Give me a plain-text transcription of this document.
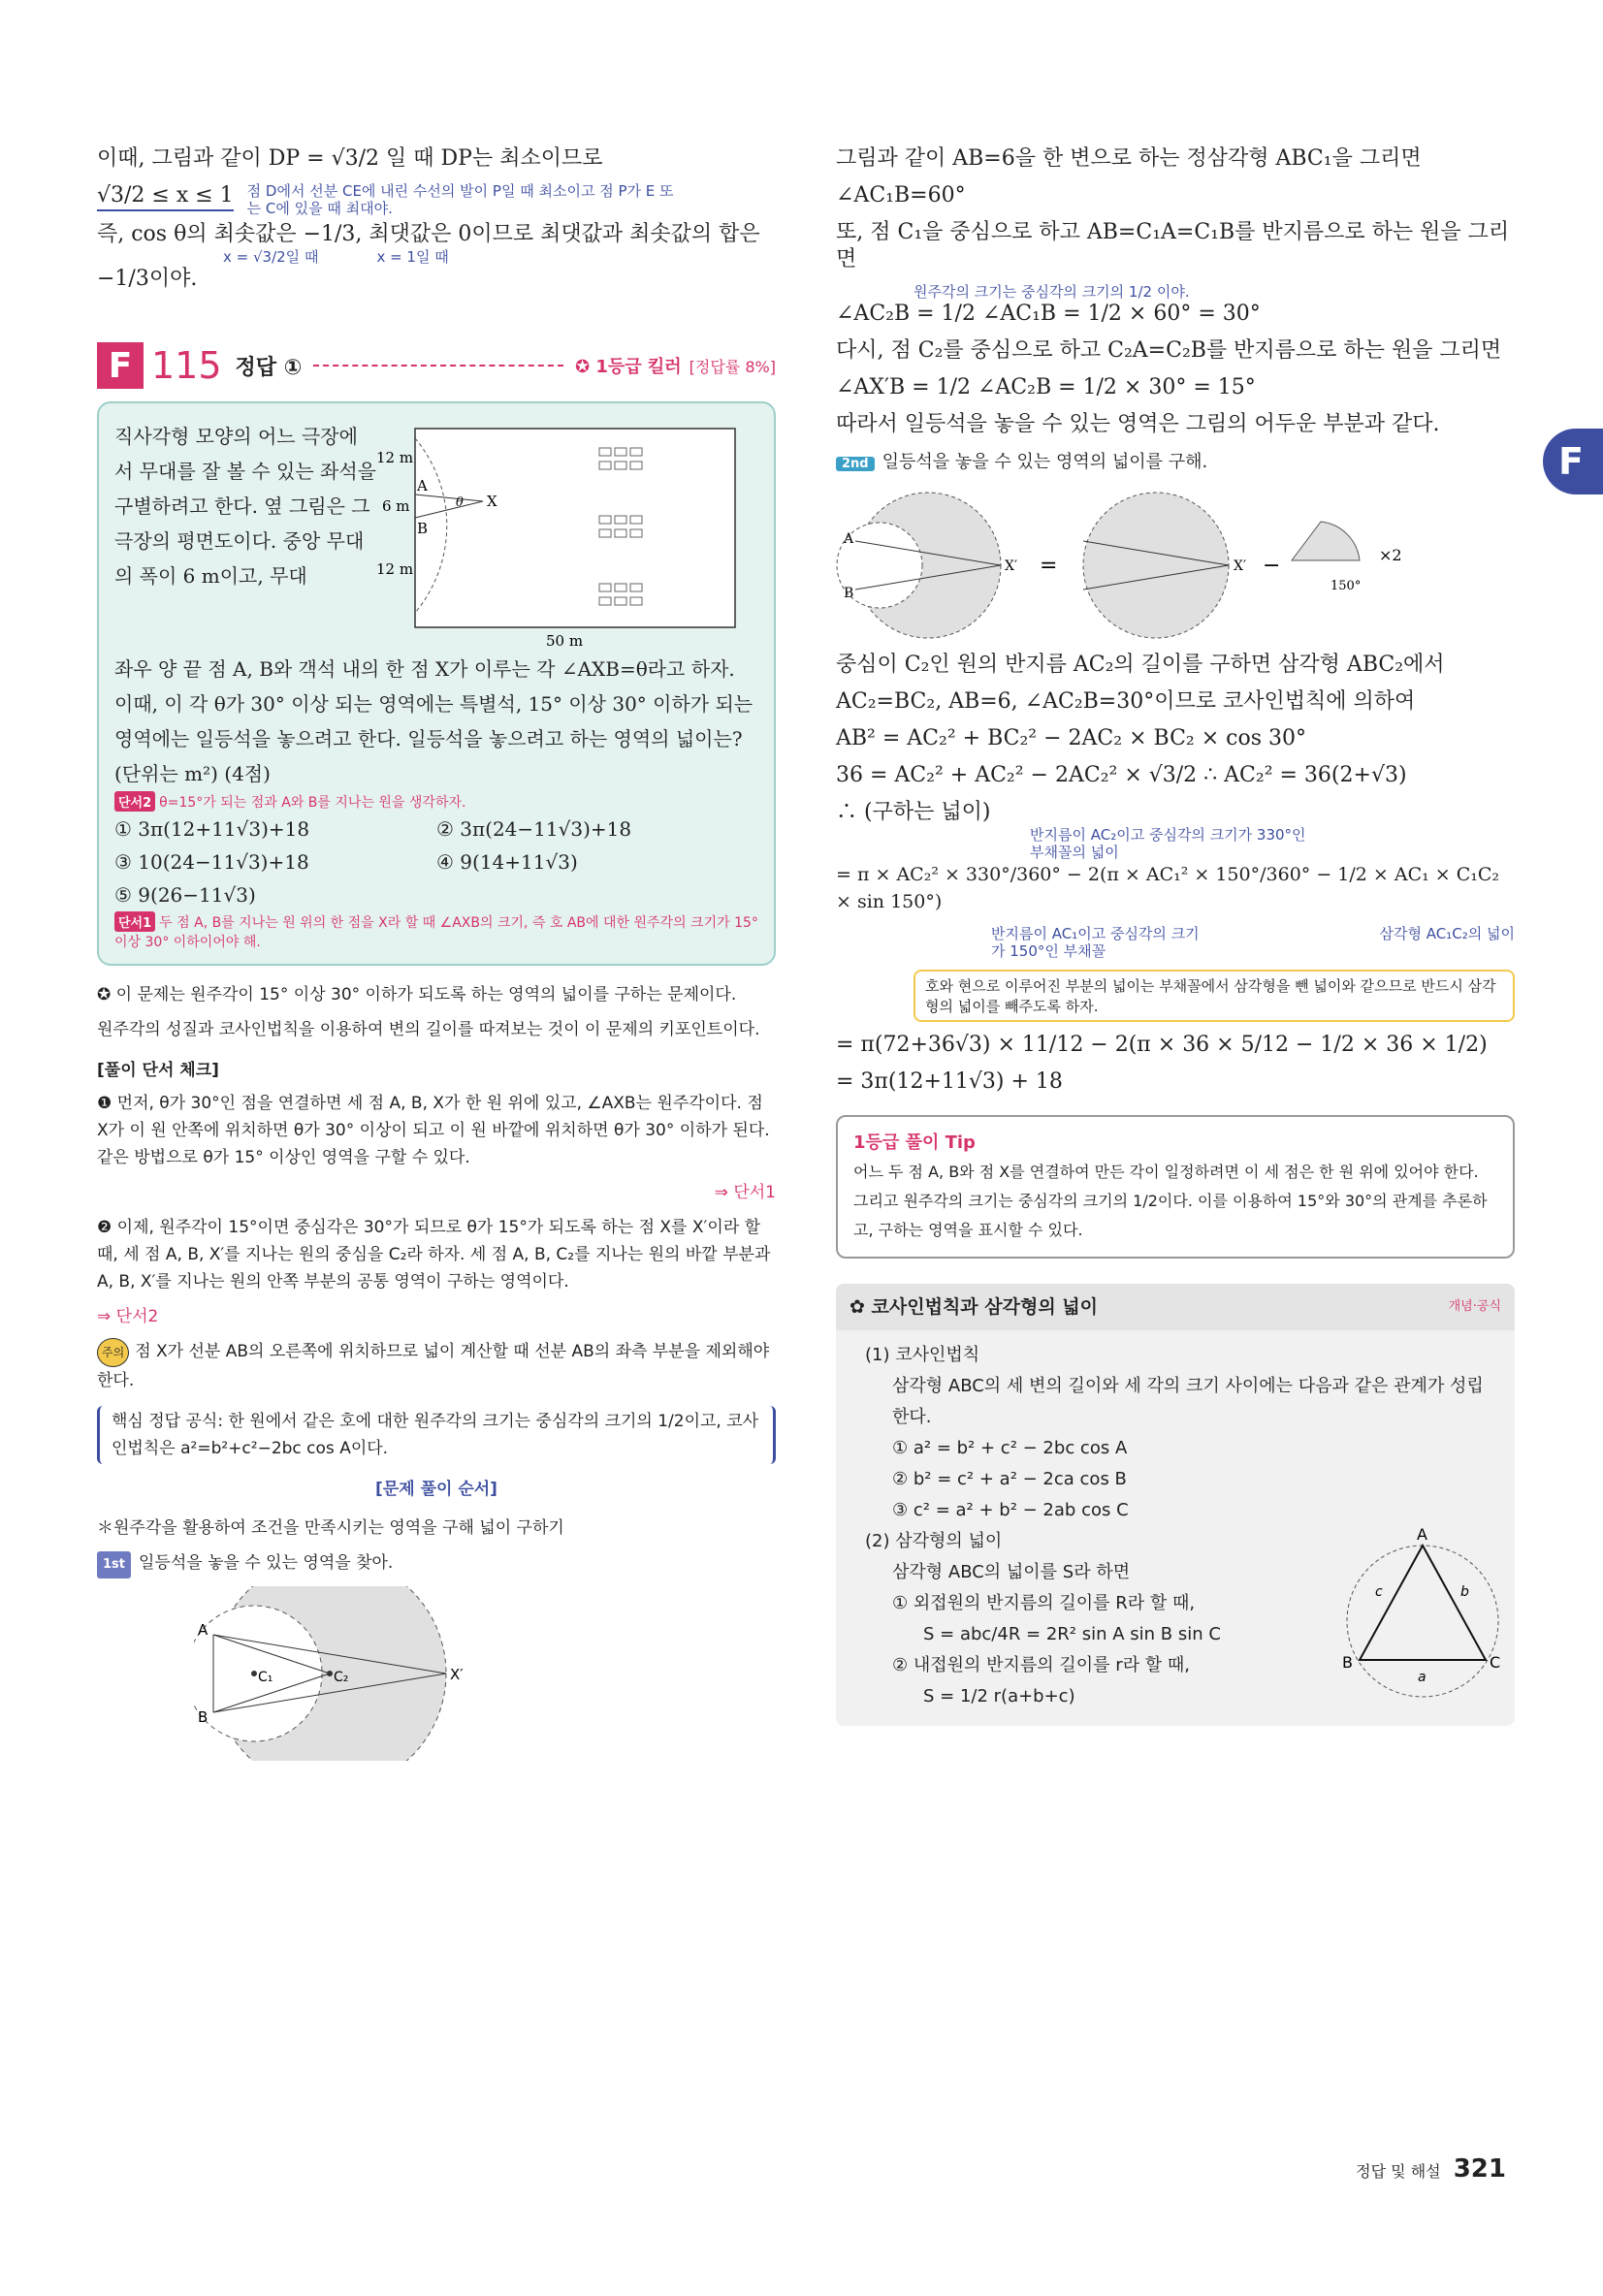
이때, 그림과 같이 DP = √3/2 일 때 DP는 최소이므로

√3/2 ≤ x ≤ 1 점 D에서 선분 CE에 내린 수선의 발이 P일 때 최소이고 점 P가 E 또는 C에 있을 때 최대야.

즉, cos θ의 최솟값은 −1/3, 최댓값은 0이므로 최댓값과 최솟값의 합은

x = √3/2일 때	x = 1일 때

−1/3이야.

F 115 정답 ①	✪ 1등급 킬러 [정답률 8%]
직사각형 모양의 어느 극장에서 무대를 잘 볼 수 있는 좌석을 구별하려고 한다. 옆 그림은 그 극장의 평면도이다. 중앙 무대의 폭이 6 m이고, 무대
12 m
6 m
12 m
50 m
A
B
X
θ
좌우 양 끝 점 A, B와 객석 내의 한 점 X가 이루는 각 ∠AXB=θ라고 하자. 이때, 이 각 θ가 30° 이상 되는 영역에는 특별석, 15° 이상 30° 이하가 되는 영역에는 일등석을 놓으려고 한다. 일등석을 놓으려고 하는 영역의 넓이는? (단위는 m²) (4점)
단서2 θ=15°가 되는 점과 A와 B를 지나는 원을 생각하자.
① 3π(12+11√3)+18	② 3π(24−11√3)+18
③ 10(24−11√3)+18	④ 9(14+11√3)
⑤ 9(26−11√3)
단서1 두 점 A, B를 지나는 원 위의 한 점을 X라 할 때 ∠AXB의 크기, 즉 호 AB에 대한 원주각의 크기가 15° 이상 30° 이하이어야 해.

✪ 이 문제는 원주각이 15° 이상 30° 이하가 되도록 하는 영역의 넓이를 구하는 문제이다.

원주각의 성질과 코사인법칙을 이용하여 변의 길이를 따져보는 것이 이 문제의 키포인트이다.

[풀이 단서 체크]

❶ 먼저, θ가 30°인 점을 연결하면 세 점 A, B, X가 한 원 위에 있고, ∠AXB는 원주각이다. 점 X가 이 원 안쪽에 위치하면 θ가 30° 이상이 되고 이 원 바깥에 위치하면 θ가 30° 이하가 된다. 같은 방법으로 θ가 15° 이상인 영역을 구할 수 있다.

⇒ 단서1

❷ 이제, 원주각이 15°이면 중심각은 30°가 되므로 θ가 15°가 되도록 하는 점 X를 X′이라 할 때, 세 점 A, B, X′를 지나는 원의 중심을 C₂라 하자. 세 점 A, B, C₂를 지나는 원의 바깥 부분과 A, B, X′를 지나는 원의 안쪽 부분의 공통 영역이 구하는 영역이다.

⇒ 단서2

주의 점 X가 선분 AB의 오른쪽에 위치하므로 넓이 계산할 때 선분 AB의 좌측 부분을 제외해야 한다.

핵심 정답 공식: 한 원에서 같은 호에 대한 원주각의 크기는 중심각의 크기의 1/2이고, 코사인법칙은 a²=b²+c²−2bc cos A이다.
[문제 풀이 순서]

＊원주각을 활용하여 조건을 만족시키는 영역을 구해 넓이 구하기

1st 일등석을 놓을 수 있는 영역을 찾아.

A
B
C₁	C₂	X′

그림과 같이 AB=6을 한 변으로 하는 정삼각형 ABC₁을 그리면

∠AC₁B=60°

또, 점 C₁을 중심으로 하고 AB=C₁A=C₁B를 반지름으로 하는 원을 그리면

원주각의 크기는 중심각의 크기의 1/2 이야.

∠AC₂B = 1/2 ∠AC₁B = 1/2 × 60° = 30°

다시, 점 C₂를 중심으로 하고 C₂A=C₂B를 반지름으로 하는 원을 그리면

∠AX′B = 1/2 ∠AC₂B = 1/2 × 30° = 15°

따라서 일등석을 놓을 수 있는 영역은 그림의 어두운 부분과 같다.

2nd 일등석을 놓을 수 있는 영역의 넓이를 구해.
A
B
X′ =	X′ −
150°
×2

중심이 C₂인 원의 반지름 AC₂의 길이를 구하면 삼각형 ABC₂에서

AC₂=BC₂, AB=6, ∠AC₂B=30°이므로 코사인법칙에 의하여

AB² = AC₂² + BC₂² − 2AC₂ × BC₂ × cos 30°

36 = AC₂² + AC₂² − 2AC₂² × √3/2 ∴ AC₂² = 36(2+√3)

∴ (구하는 넓이)

반지름이 AC₂이고 중심각의 크기가 330°인 부채꼴의 넓이

= π × AC₂² × 330°/360° − 2(π × AC₁² × 150°/360° − 1/2 × AC₁ × C₁C₂ × sin 150°)

반지름이 AC₁이고 중심각의 크기가 150°인 부채꼴
삼각형 AC₁C₂의 넓이
호와 현으로 이루어진 부분의 넓이는 부채꼴에서 삼각형을 뺀 넓이와 같으므로 반드시 삼각형의 넓이를 빼주도록 하자.

= π(72+36√3) × 11/12 − 2(π × 36 × 5/12 − 1/2 × 36 × 1/2)

= 3π(12+11√3) + 18

1등급 풀이 Tip
어느 두 점 A, B와 점 X를 연결하여 만든 각이 일정하려면 이 세 점은 한 원 위에 있어야 한다. 그리고 원주각의 크기는 중심각의 크기의 1/2이다. 이를 이용하여 15°와 30°의 관계를 추론하고, 구하는 영역을 표시할 수 있다.
✿ 코사인법칙과 삼각형의 넓이	개념·공식
(1) 코사인법칙
삼각형 ABC의 세 변의 길이와 세 각의 크기 사이에는 다음과 같은 관계가 성립한다.
① a² = b² + c² − 2bc cos A
② b² = c² + a² − 2ca cos B
③ c² = a² + b² − 2ab cos C
(2) 삼각형의 넓이
삼각형 ABC의 넓이를 S라 하면
① 외접원의 반지름의 길이를 R라 할 때,
S = abc/4R = 2R² sin A sin B sin C
② 내접원의 반지름의 길이를 r라 할 때,
S = 1/2 r(a+b+c)
A
B	C
a
b
c
F
정답 및 해설 321
